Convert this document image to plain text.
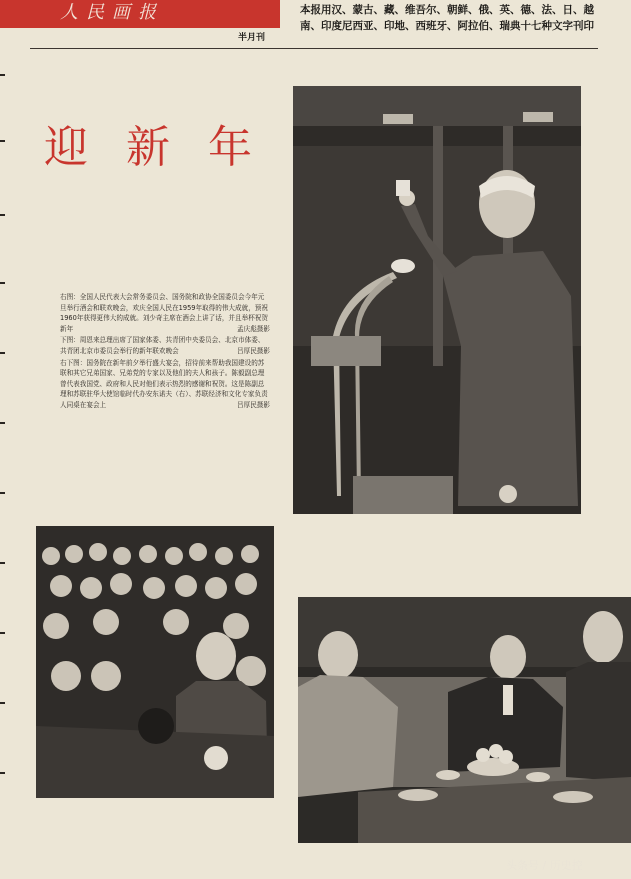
人民画报
半月刊
本报用汉、蒙古、藏、维吾尔、朝鲜、俄、英、德、法、日、越
南、印度尼西亚、印地、西班牙、阿拉伯、瑞典十七种文字刊印
迎新年

右图：全国人民代表大会常务委员会、国务院和政协全国委员会今年元旦举行酒会和联欢晚会，欢庆全国人民在1959年取得的伟大成就，预祝1960年获得更伟大的成就。刘少奇主席在酒会上讲了话，并且举杯祝贺新年	孟庆彪摄影

下图：周恩来总理出席了国家体委、共青团中央委员会、北京市体委、共青团北京市委员会举行的新年联欢晚会	吕厚民摄影

右下图：国务院在新年前夕举行盛大宴会，招待前来帮助我国建设的苏联和其它兄弟国家、兄弟党的专家以及他们的夫人和孩子。陈毅副总理曾代表我国党、政府和人民对他们表示热烈的感谢和祝贺。这是陈副总理和苏联驻华大使馆临时代办安东诺夫（右）、苏联经济和文化专家负责人同桌在宴会上	吕厚民摄影

头条号 / 历史控
